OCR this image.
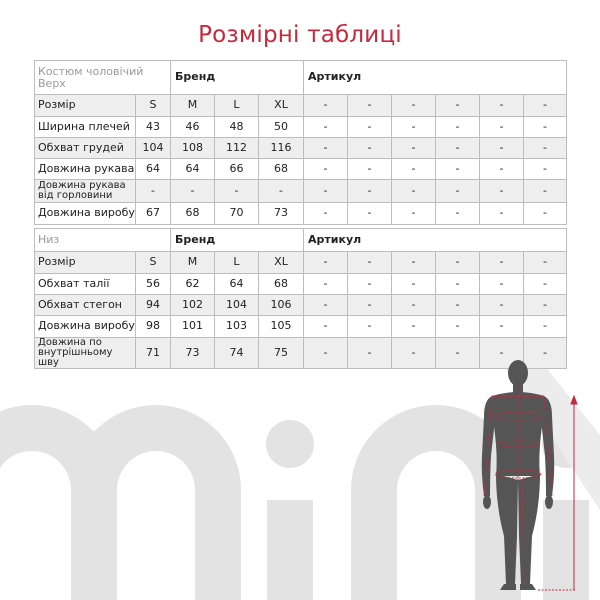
Розмірні таблиці
Костюм чоловічий Верх		Бренд			Артикул					
Розмір	S	M	L	XL	-	-	-	-	-	-
Ширина плечей	43	46	48	50	-	-	-	-	-	-
Обхват грудей	104	108	112	116	-	-	-	-	-	-
Довжина рукава	64	64	66	68	-	-	-	-	-	-
Довжина рукава від горловини	-	-	-	-	-	-	-	-	-	-
Довжина виробу	67	68	70	73	-	-	-	-	-	-
Низ		Бренд			Артикул					
Розмір	S	M	L	XL	-	-	-	-	-	-
Обхват талії	56	62	64	68	-	-	-	-	-	-
Обхват стегон	94	102	104	106	-	-	-	-	-	-
Довжина виробу	98	101	103	105	-	-	-	-	-	-
Довжина по внутрішньому шву	71	73	74	75	-	-	-	-	-	-
